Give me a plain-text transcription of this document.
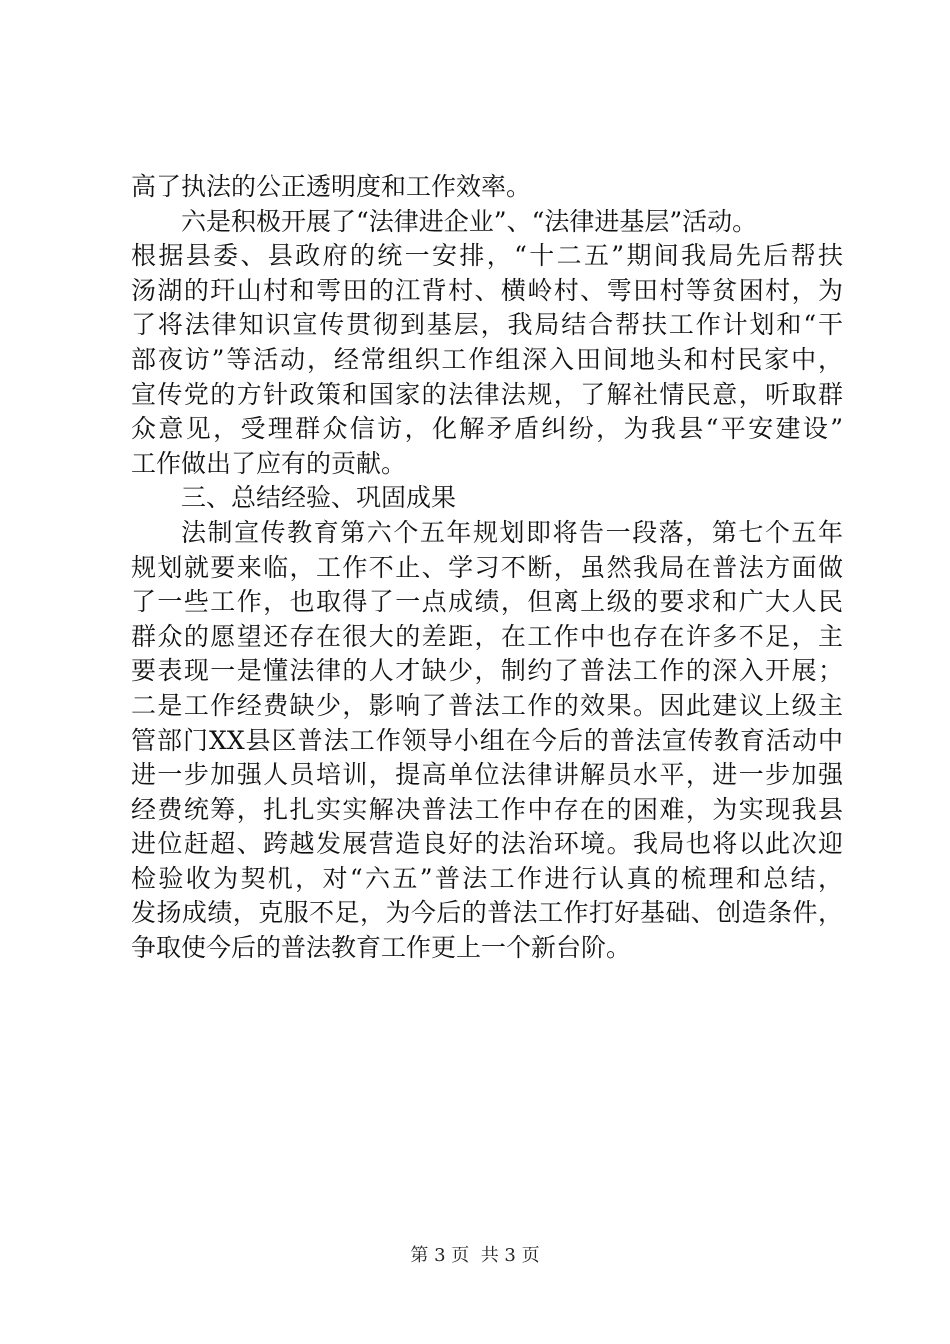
高了执法的公正透明度和工作效率。
六是积极开展了“法律进企业”、“法律进基层”活动。
根据县委、县政府的统一安排，“十二五”期间我局先后帮扶
汤湖的玕山村和雩田的江背村、横岭村、雩田村等贫困村，为
了将法律知识宣传贯彻到基层，我局结合帮扶工作计划和“干
部夜访”等活动，经常组织工作组深入田间地头和村民家中，
宣传党的方针政策和国家的法律法规，了解社情民意，听取群
众意见，受理群众信访，化解矛盾纠纷，为我县“平安建设”
工作做出了应有的贡献。
三、总结经验、巩固成果
法制宣传教育第六个五年规划即将告一段落，第七个五年
规划就要来临，工作不止、学习不断，虽然我局在普法方面做
了一些工作，也取得了一点成绩，但离上级的要求和广大人民
群众的愿望还存在很大的差距，在工作中也存在许多不足，主
要表现一是懂法律的人才缺少，制约了普法工作的深入开展；
二是工作经费缺少，影响了普法工作的效果。因此建议上级主
管部门XX县区普法工作领导小组在今后的普法宣传教育活动中
进一步加强人员培训，提高单位法律讲解员水平，进一步加强
经费统筹，扎扎实实解决普法工作中存在的困难，为实现我县
进位赶超、跨越发展营造良好的法治环境。我局也将以此次迎
检验收为契机，对“六五”普法工作进行认真的梳理和总结，
发扬成绩，克服不足，为今后的普法工作打好基础、创造条件，
争取使今后的普法教育工作更上一个新台阶。
第 3 页  共 3 页
